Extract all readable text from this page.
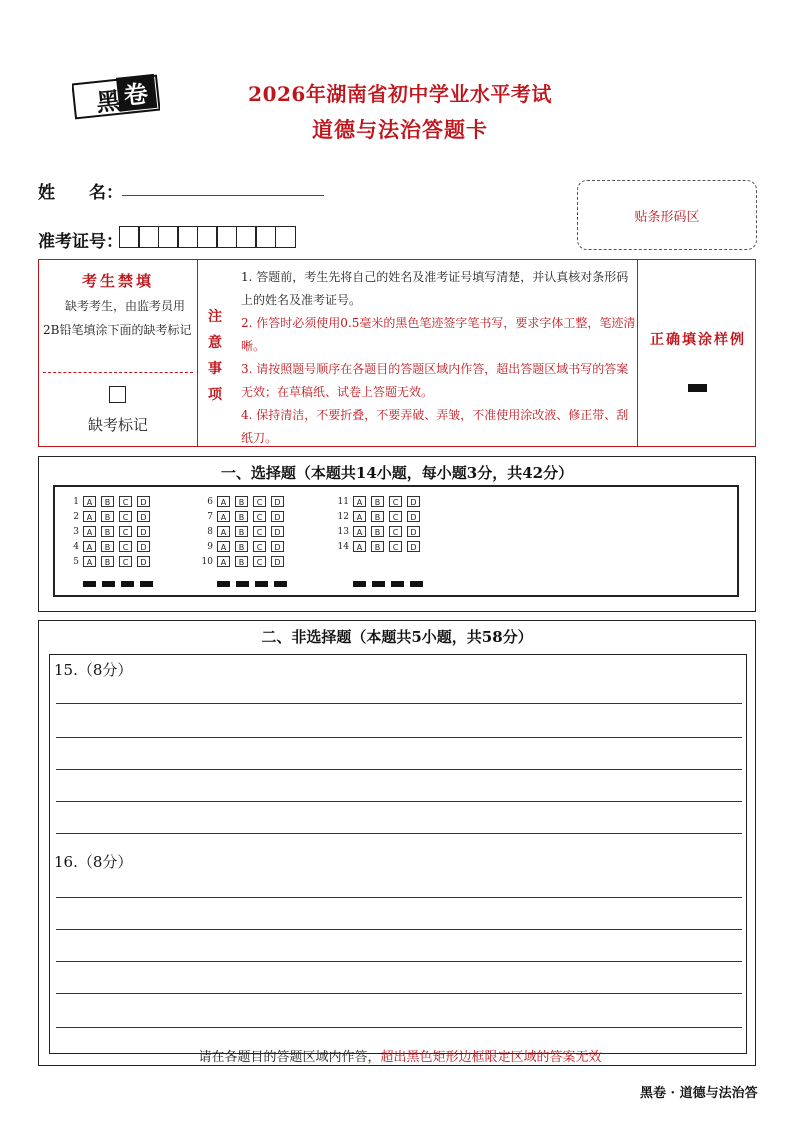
黑 卷	2026年湖南省初中学业水平考试
道德与法治答题卡
姓　　名：
准考证号：
贴条形码区
考生禁填
缺考考生，由监考员用2B铅笔填涂下面的缺考标记
缺考标记
注意事项

1. 答题前，考生先将自己的姓名及准考证号填写清楚，并认真核对条形码上的姓名及准考证号。

2. 作答时必须使用0.5毫米的黑色笔迹签字笔书写，要求字体工整，笔迹清晰。

3. 请按照题号顺序在各题目的答题区域内作答，超出答题区域书写的答案无效；在草稿纸、试卷上答题无效。

4. 保持清洁，不要折叠，不要弄破、弄皱，不准使用涂改液、修正带、刮纸刀。

正确填涂样例
一、选择题（本题共14小题，每小题3分，共42分）
1 A	B	C	D
2 A	B	C	D
3 A	B	C	D
4 A	B	C	D
5 A	B	C	D
6 A	B	C	D
7 A	B	C	D
8 A	B	C	D
9 A	B	C	D
10 A	B	C	D
11 A	B	C	D
12 A	B	C	D
13 A	B	C	D
14 A	B	C	D
二、非选择题（本题共5小题，共58分）
15.（8分）
16.（8分）
请在各题目的答题区域内作答，超出黑色矩形边框限定区域的答案无效
黑卷 · 道德与法治答
